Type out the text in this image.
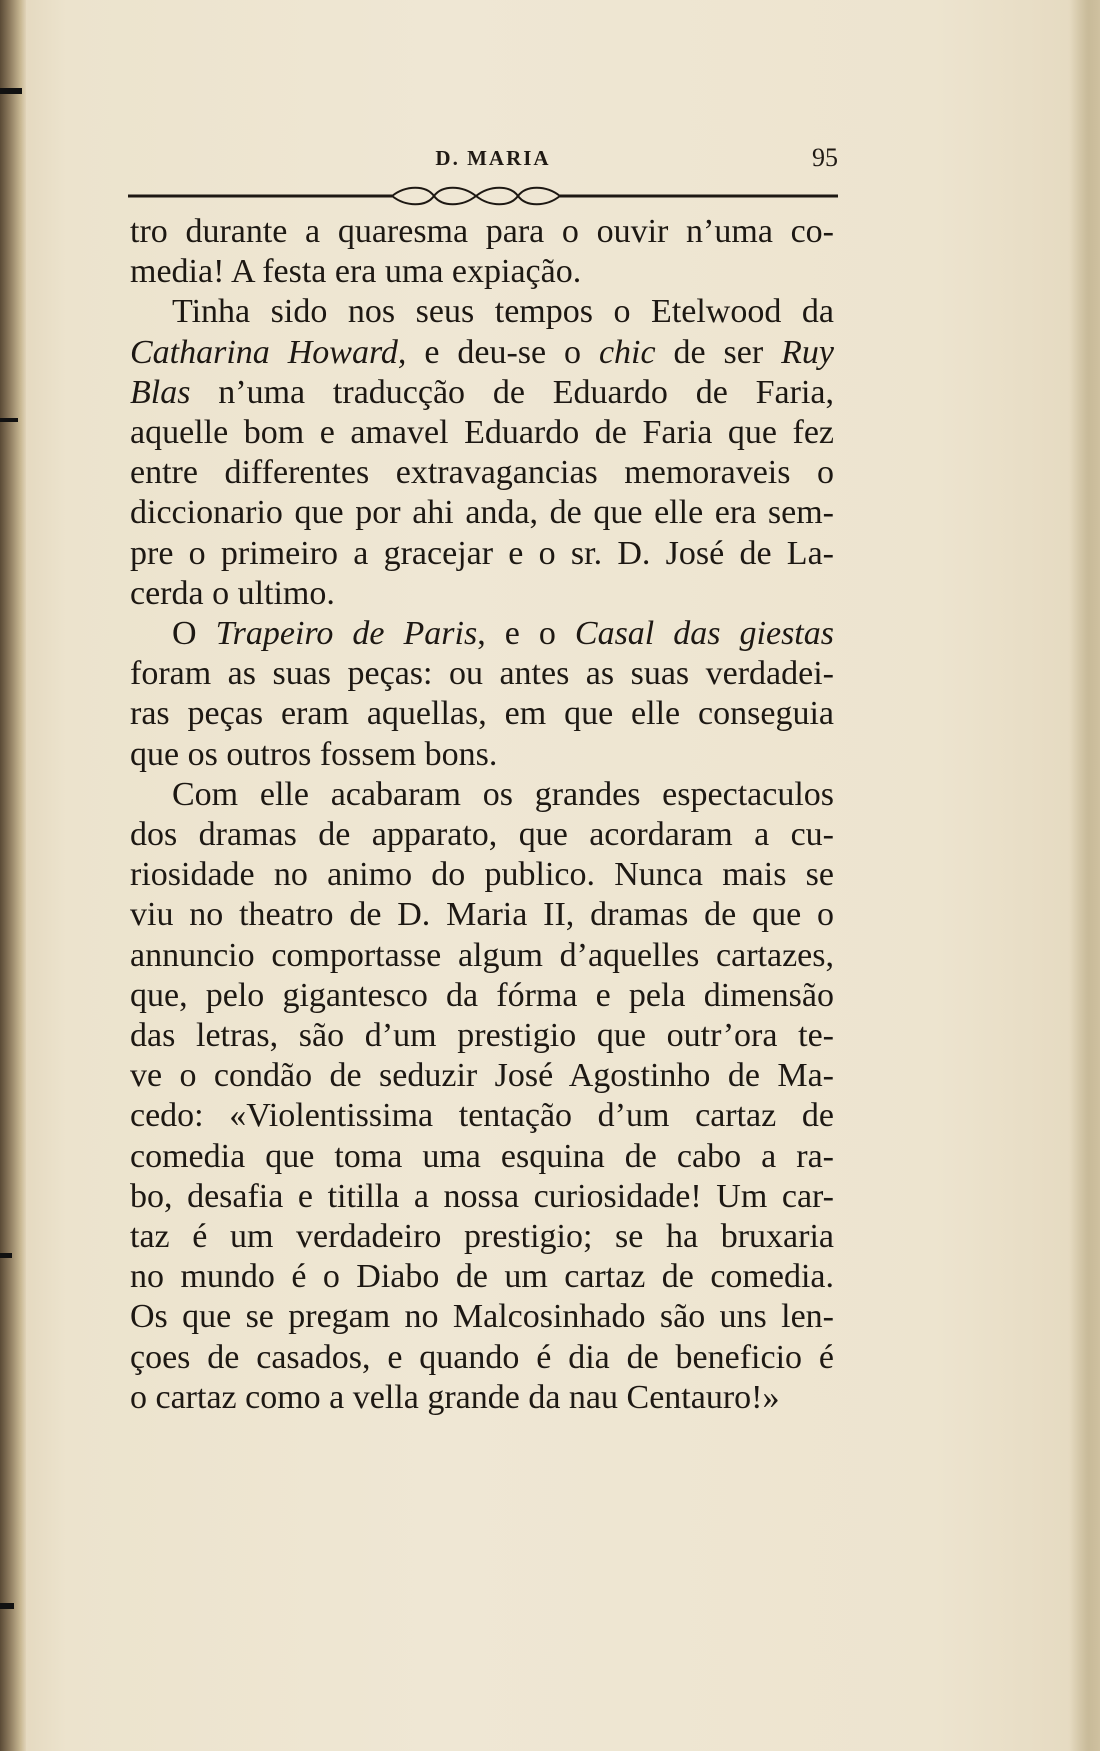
D. MARIA	95

tro durante a quaresma para o ouvir n’uma co-
media! A festa era uma expiação.

Tinha sido nos seus tempos o Etelwood da
Catharina Howard, e deu-se o chic de ser Ruy
Blas n’uma traducção de Eduardo de Faria,
aquelle bom e amavel Eduardo de Faria que fez
entre differentes extravagancias memoraveis o
diccionario que por ahi anda, de que elle era sem-
pre o primeiro a gracejar e o sr. D. José de La-
cerda o ultimo.

O Trapeiro de Paris, e o Casal das giestas
foram as suas peças: ou antes as suas verdadei-
ras peças eram aquellas, em que elle conseguia
que os outros fossem bons.

Com elle acabaram os grandes espectaculos
dos dramas de apparato, que acordaram a cu-
riosidade no animo do publico. Nunca mais se
viu no theatro de D. Maria II, dramas de que o
annuncio comportasse algum d’aquelles cartazes,
que, pelo gigantesco da fórma e pela dimensão
das letras, são d’um prestigio que outr’ora te-
ve o condão de seduzir José Agostinho de Ma-
cedo: «Violentissima tentação d’um cartaz de
comedia que toma uma esquina de cabo a ra-
bo, desafia e titilla a nossa curiosidade! Um car-
taz é um verdadeiro prestigio; se ha bruxaria
no mundo é o Diabo de um cartaz de comedia.
Os que se pregam no Malcosinhado são uns len-
çoes de casados, e quando é dia de beneficio é
o cartaz como a vella grande da nau Centauro!»
